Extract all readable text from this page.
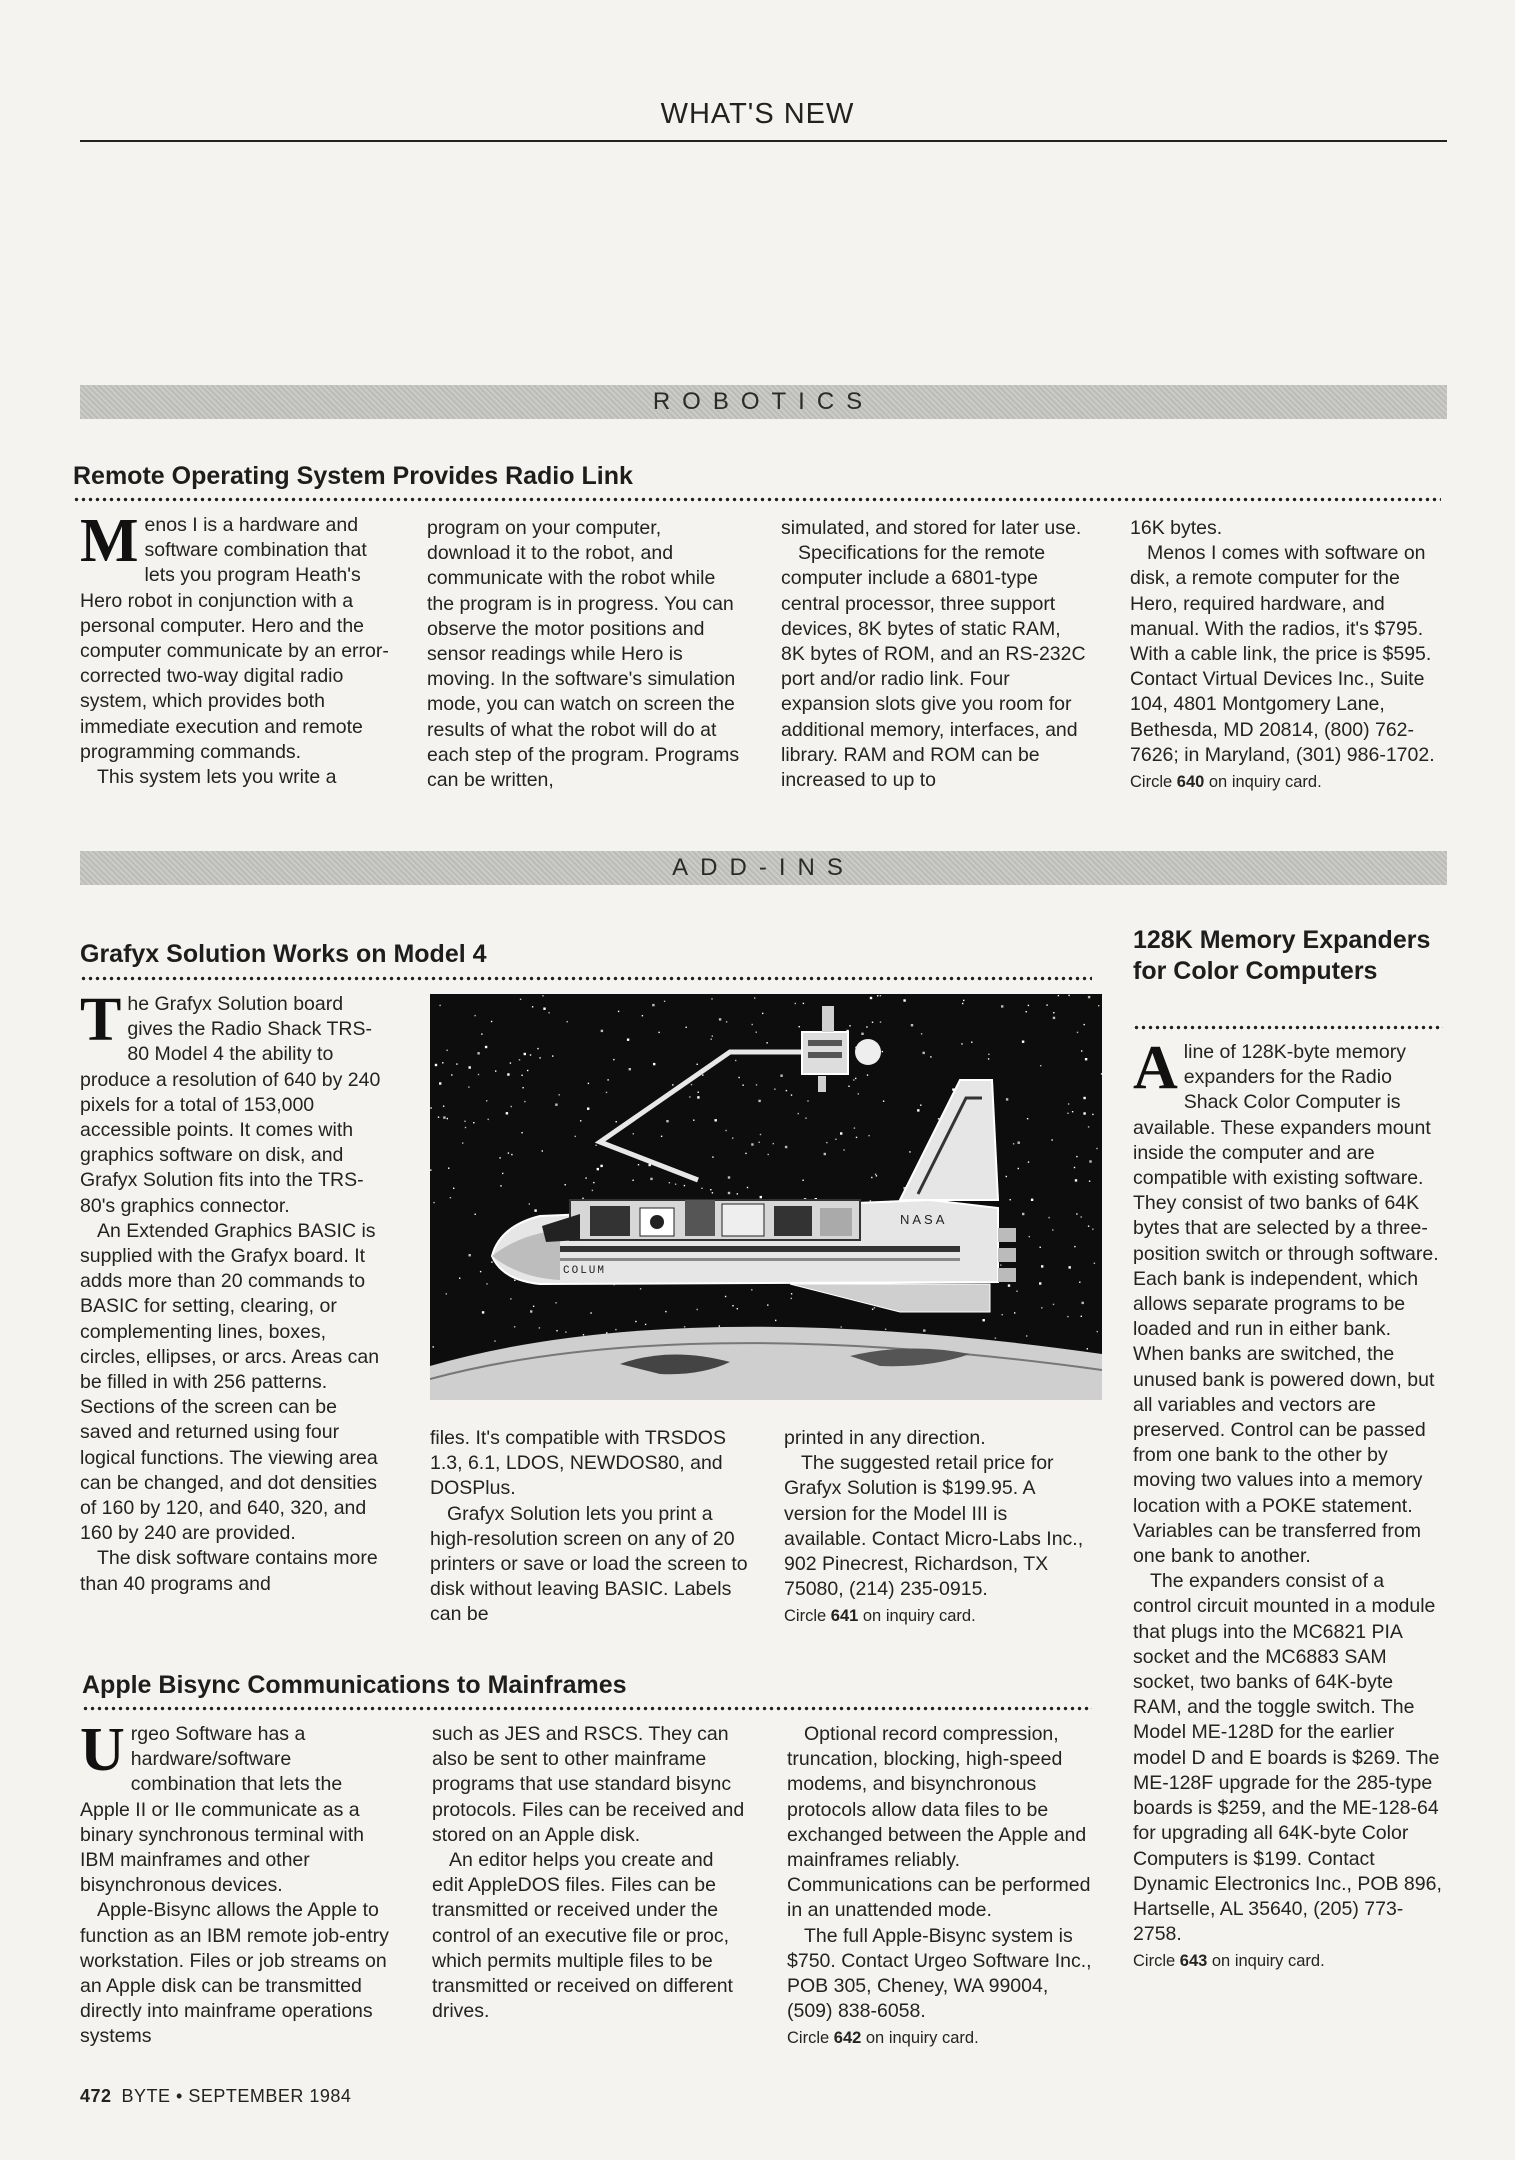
WHAT'S NEW
ROBOTICS
Remote Operating System Provides Radio Link
M enos I is a hardware and software combination that lets you program Heath's Hero robot in conjunction with a personal computer. Hero and the computer communicate by an error-corrected two-way digital radio system, which provides both immediate execution and remote programming commands.

This system lets you write a

program on your computer, download it to the robot, and communicate with the robot while the program is in progress. You can observe the motor positions and sensor readings while Hero is moving. In the software's simulation mode, you can watch on screen the results of what the robot will do at each step of the program. Programs can be written,

simulated, and stored for later use.

Specifications for the remote computer include a 6801-type central processor, three support devices, 8K bytes of static RAM, 8K bytes of ROM, and an RS-232C port and/or radio link. Four expansion slots give you room for additional memory, interfaces, and library. RAM and ROM can be increased to up to

16K bytes.

Menos I comes with software on disk, a remote computer for the Hero, required hardware, and manual. With the radios, it's $795. With a cable link, the price is $595. Contact Virtual Devices Inc., Suite 104, 4801 Montgomery Lane, Bethesda, MD 20814, (800) 762-7626; in Maryland, (301) 986-1702.

Circle 640 on inquiry card.
ADD-INS
Grafyx Solution Works on Model 4
T he Grafyx Solution board gives the Radio Shack TRS-80 Model 4 the ability to produce a resolution of 640 by 240 pixels for a total of 153,000 accessible points. It comes with graphics software on disk, and Grafyx Solution fits into the TRS-80's graphics connector.

An Extended Graphics BASIC is supplied with the Grafyx board. It adds more than 20 commands to BASIC for setting, clearing, or complementing lines, boxes, circles, ellipses, or arcs. Areas can be filled in with 256 patterns. Sections of the screen can be saved and returned using four logical functions. The viewing area can be changed, and dot densities of 160 by 120, and 640, 320, and 160 by 240 are provided.

The disk software contains more than 40 programs and

COLUM
NASA

files. It's compatible with TRSDOS 1.3, 6.1, LDOS, NEWDOS80, and DOSPlus.

Grafyx Solution lets you print a high-resolution screen on any of 20 printers or save or load the screen to disk without leaving BASIC. Labels can be

printed in any direction.

The suggested retail price for Grafyx Solution is $199.95. A version for the Model III is available. Contact Micro-Labs Inc., 902 Pinecrest, Richardson, TX 75080, (214) 235-0915.

Circle 641 on inquiry card.
128K Memory Expanders for Color Computers
A line of 128K-byte memory expanders for the Radio Shack Color Computer is available. These expanders mount inside the computer and are compatible with existing software. They consist of two banks of 64K bytes that are selected by a three-position switch or through software. Each bank is independent, which allows separate programs to be loaded and run in either bank. When banks are switched, the unused bank is powered down, but all variables and vectors are preserved. Control can be passed from one bank to the other by moving two values into a memory location with a POKE statement. Variables can be transferred from one bank to another.

The expanders consist of a control circuit mounted in a module that plugs into the MC6821 PIA socket and the MC6883 SAM socket, two banks of 64K-byte RAM, and the toggle switch. The Model ME-128D for the earlier model D and E boards is $269. The ME-128F upgrade for the 285-type boards is $259, and the ME-128-64 for upgrading all 64K-byte Color Computers is $199. Contact Dynamic Electronics Inc., POB 896, Hartselle, AL 35640, (205) 773-2758.

Circle 643 on inquiry card.
Apple Bisync Communications to Mainframes
U rgeo Software has a hardware/software combination that lets the Apple II or IIe communicate as a binary synchronous terminal with IBM mainframes and other bisynchronous devices.

Apple-Bisync allows the Apple to function as an IBM remote job-entry workstation. Files or job streams on an Apple disk can be transmitted directly into mainframe operations systems

such as JES and RSCS. They can also be sent to other mainframe programs that use standard bisync protocols. Files can be received and stored on an Apple disk.

An editor helps you create and edit AppleDOS files. Files can be transmitted or received under the control of an executive file or proc, which permits multiple files to be transmitted or received on different drives.

Optional record compression, truncation, blocking, high-speed modems, and bisynchronous protocols allow data files to be exchanged between the Apple and mainframes reliably. Communications can be performed in an unattended mode.

The full Apple-Bisync system is $750. Contact Urgeo Software Inc., POB 305, Cheney, WA 99004, (509) 838-6058.

Circle 642 on inquiry card.
472 BYTE • SEPTEMBER 1984
